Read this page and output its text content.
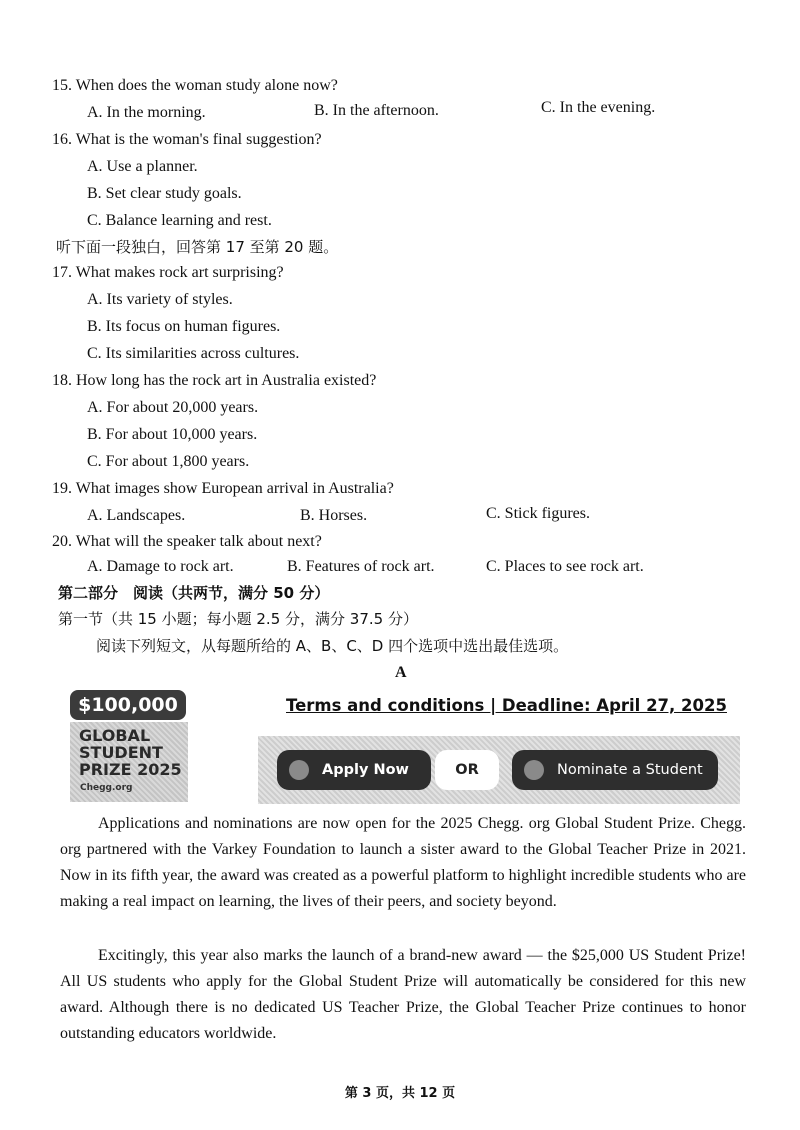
15. When does the woman study alone now?
A. In the morning.	B. In the afternoon.	C. In the evening.
16. What is the woman's final suggestion?
A. Use a planner.
B. Set clear study goals.
C. Balance learning and rest.
听下面一段独白，回答第 17 至第 20 题。
17. What makes rock art surprising?
A. Its variety of styles.
B. Its focus on human figures.
C. Its similarities across cultures.
18. How long has the rock art in Australia existed?
A. For about 20,000 years.
B. For about 10,000 years.
C. For about 1,800 years.
19. What images show European arrival in Australia?
A. Landscapes.	B. Horses.	C. Stick figures.
20. What will the speaker talk about next?
A. Damage to rock art.	B. Features of rock art.	C. Places to see rock art.
第二部分　阅读（共两节，满分 50 分）
第一节（共 15 小题；每小题 2.5 分，满分 37.5 分）
阅读下列短文，从每题所给的 A、B、C、D 四个选项中选出最佳选项。
A
$100,000
GLOBAL
STUDENT
PRIZE 2025
Chegg.org
Terms and conditions | Deadline: April 27, 2025
Apply Now	OR	Nominate a Student
Applications and nominations are now open for the 2025 Chegg. org Global Student Prize. Chegg. org partnered with the Varkey Foundation to launch a sister award to the Global Teacher Prize in 2021. Now in its fifth year, the award was created as a powerful platform to highlight incredible students who are making a real impact on learning, the lives of their peers, and society beyond.
Excitingly, this year also marks the launch of a brand-new award — the $25,000 US Student Prize! All US students who apply for the Global Student Prize will automatically be considered for this new award. Although there is no dedicated US Teacher Prize, the Global Teacher Prize continues to honor outstanding educators worldwide.
第 3 页，共 12 页
